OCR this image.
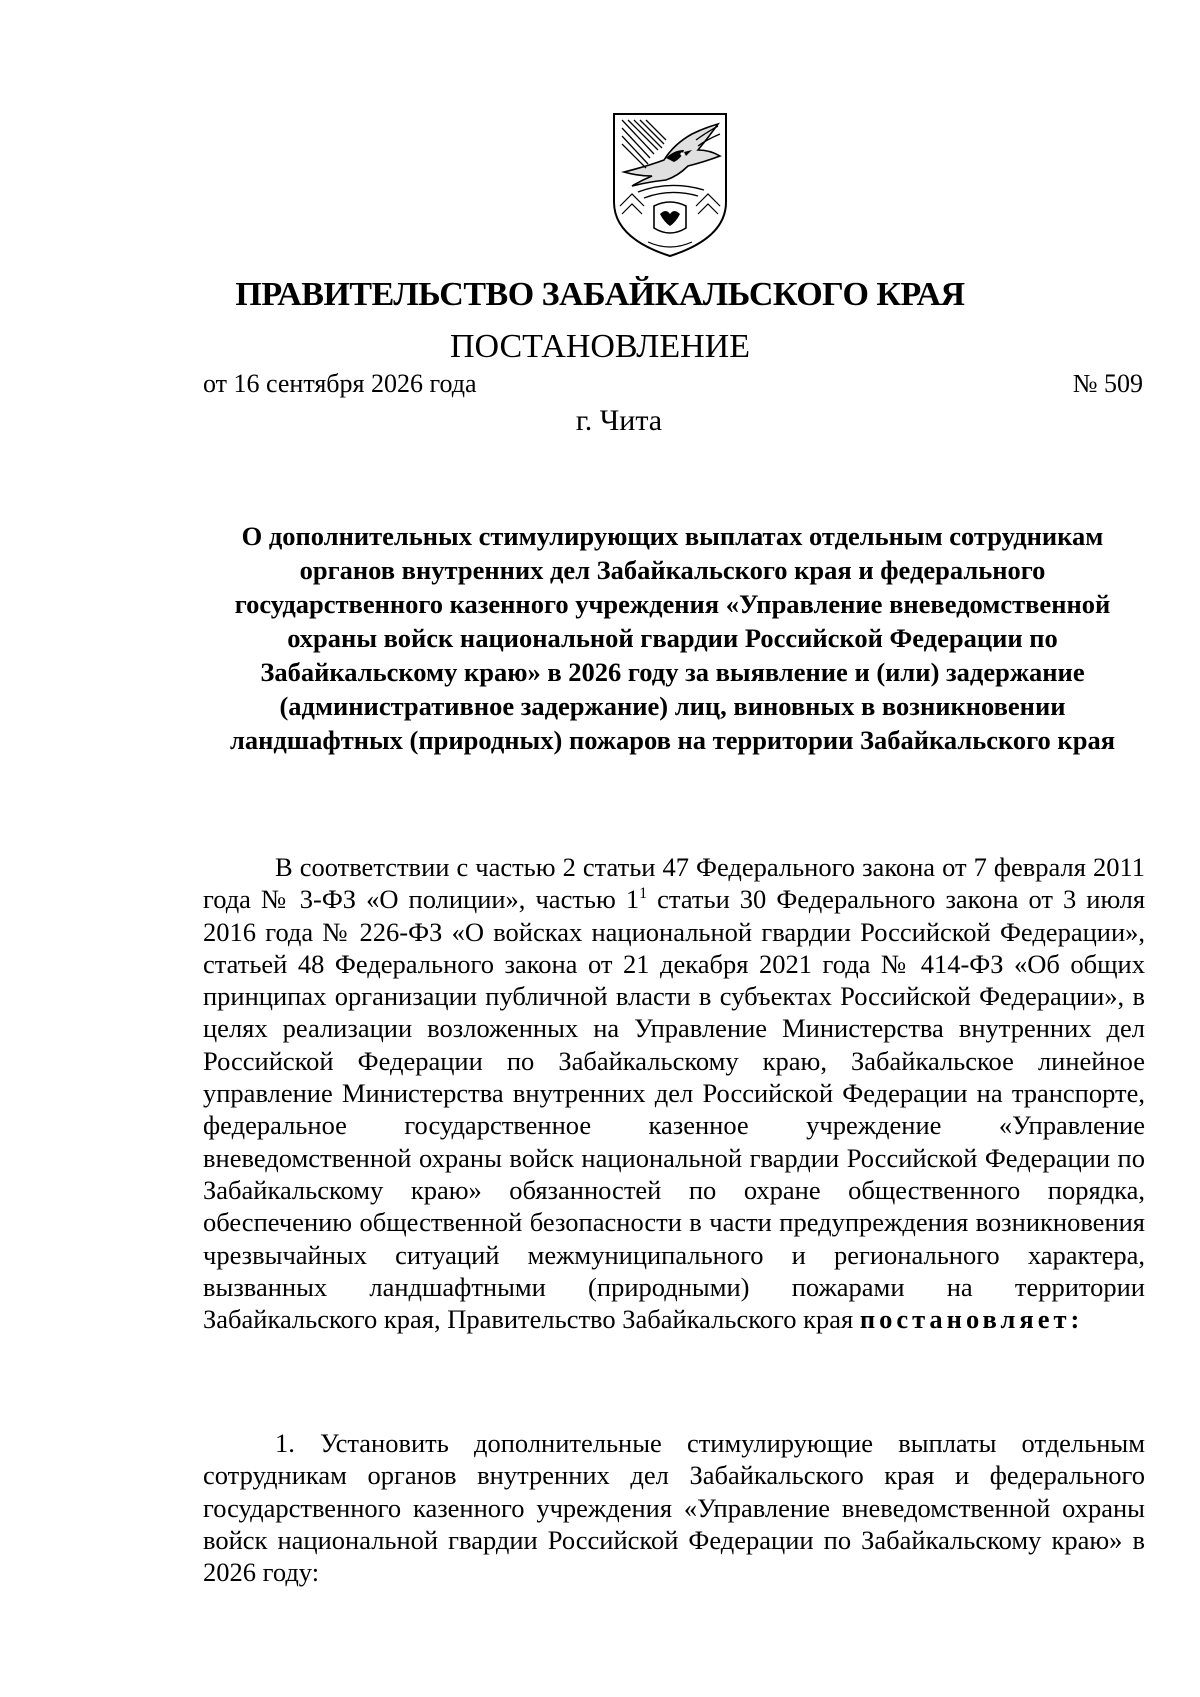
ПРАВИТЕЛЬСТВО ЗАБАЙКАЛЬСКОГО КРАЯ
ПОСТАНОВЛЕНИЕ
от 16 сентября 2026 года	№ 509
г. Чита
О дополнительных стимулирующих выплатах отдельным сотрудникам органов внутренних дел Забайкальского края и федерального государственного казенного учреждения «Управление вневедомственной охраны войск национальной гвардии Российской Федерации по Забайкальскому краю» в 2026 году за выявление и (или) задержание (административное задержание) лиц, виновных в возникновении ландшафтных (природных) пожаров на территории Забайкальского края
В соответствии с частью 2 статьи 47 Федерального закона от 7 февраля 2011 года № 3-ФЗ «О полиции», частью $1^1$ статьи 30 Федерального закона от 3 июля 2016 года № 226-ФЗ «О войсках национальной гвардии Российской Федерации», статьей 48 Федерального закона от 21 декабря 2021 года № 414-ФЗ «Об общих принципах организации публичной власти в субъектах Российской Федерации», в целях реализации возложенных на Управление Министерства внутренних дел Российской Федерации по Забайкальскому краю, Забайкальское линейное управление Министерства внутренних дел Российской Федерации на транспорте, федеральное государственное казенное учреждение «Управление вневедомственной охраны войск национальной гвардии Российской Федерации по Забайкальскому краю» обязанностей по охране общественного порядка, обеспечению общественной безопасности в части предупреждения возникновения чрезвычайных ситуаций межмуниципального и регионального характера, вызванных ландшафтными (природными) пожарами на территории Забайкальского края, Правительство Забайкальского края постановляет:
1. Установить дополнительные стимулирующие выплаты отдельным сотрудникам органов внутренних дел Забайкальского края и федерального государственного казенного учреждения «Управление вневедомственной охраны войск национальной гвардии Российской Федерации по Забайкальскому краю» в 2026 году:
